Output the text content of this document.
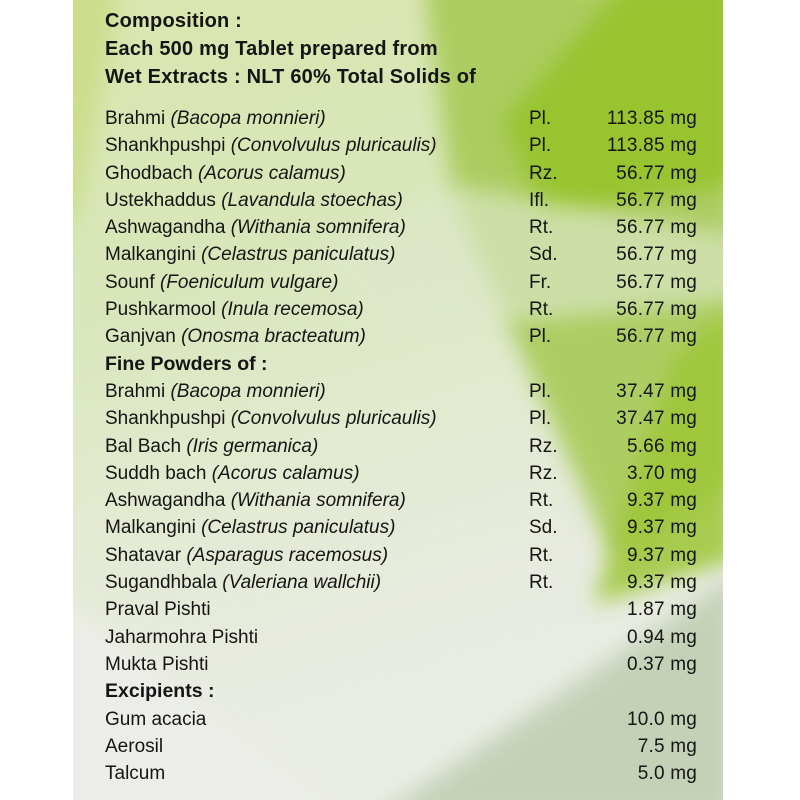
Composition :
Each 500 mg Tablet prepared from
Wet Extracts : NLT 60% Total Solids of
Brahmi (Bacopa monnieri)	Pl.	113.85 mg
Shankhpushpi (Convolvulus pluricaulis)	Pl.	113.85 mg
Ghodbach (Acorus calamus)	Rz.	56.77 mg
Ustekhaddus (Lavandula stoechas)	Ifl.	56.77 mg
Ashwagandha (Withania somnifera)	Rt.	56.77 mg
Malkangini (Celastrus paniculatus)	Sd.	56.77 mg
Sounf (Foeniculum vulgare)	Fr.	56.77 mg
Pushkarmool (Inula recemosa)	Rt.	56.77 mg
Ganjvan (Onosma bracteatum)	Pl.	56.77 mg
Fine Powders of :
Brahmi (Bacopa monnieri)	Pl.	37.47 mg
Shankhpushpi (Convolvulus pluricaulis)	Pl.	37.47 mg
Bal Bach (Iris germanica)	Rz.	5.66 mg
Suddh bach (Acorus calamus)	Rz.	3.70 mg
Ashwagandha (Withania somnifera)	Rt.	9.37 mg
Malkangini (Celastrus paniculatus)	Sd.	9.37 mg
Shatavar (Asparagus racemosus)	Rt.	9.37 mg
Sugandhbala (Valeriana wallchii)	Rt.	9.37 mg
Praval Pishti	1.87 mg
Jaharmohra Pishti	0.94 mg
Mukta Pishti	0.37 mg
Excipients :
Gum acacia	10.0 mg
Aerosil	7.5 mg
Talcum	5.0 mg
